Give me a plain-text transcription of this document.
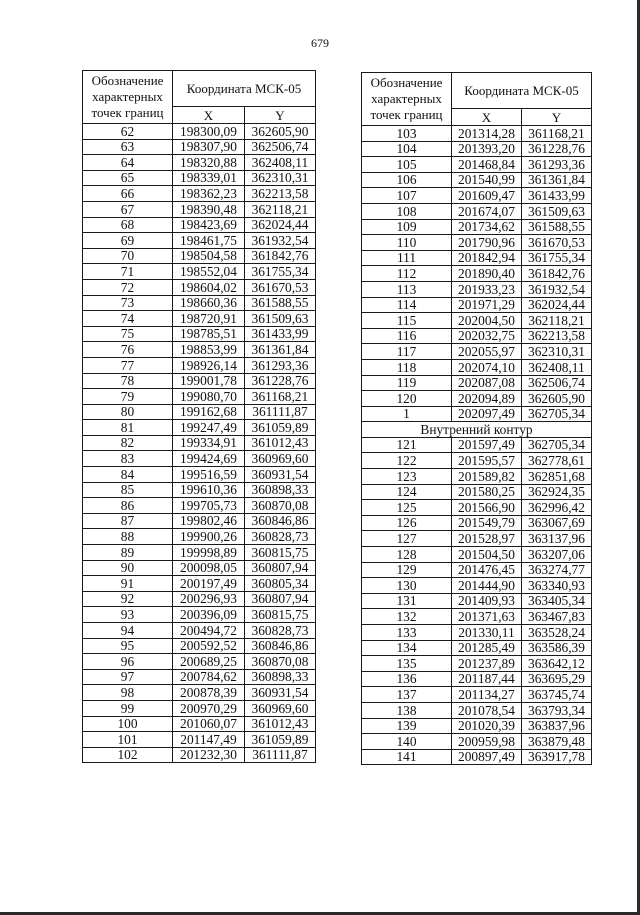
679
Обозначение характерных точек границ	Координата МСК-05	
	X	Y
62	198300,09	362605,90
63	198307,90	362506,74
64	198320,88	362408,11
65	198339,01	362310,31
66	198362,23	362213,58
67	198390,48	362118,21
68	198423,69	362024,44
69	198461,75	361932,54
70	198504,58	361842,76
71	198552,04	361755,34
72	198604,02	361670,53
73	198660,36	361588,55
74	198720,91	361509,63
75	198785,51	361433,99
76	198853,99	361361,84
77	198926,14	361293,36
78	199001,78	361228,76
79	199080,70	361168,21
80	199162,68	361111,87
81	199247,49	361059,89
82	199334,91	361012,43
83	199424,69	360969,60
84	199516,59	360931,54
85	199610,36	360898,33
86	199705,73	360870,08
87	199802,46	360846,86
88	199900,26	360828,73
89	199998,89	360815,75
90	200098,05	360807,94
91	200197,49	360805,34
92	200296,93	360807,94
93	200396,09	360815,75
94	200494,72	360828,73
95	200592,52	360846,86
96	200689,25	360870,08
97	200784,62	360898,33
98	200878,39	360931,54
99	200970,29	360969,60
100	201060,07	361012,43
101	201147,49	361059,89
102	201232,30	361111,87
Обозначение характерных точек границ	Координата МСК-05	
	X	Y
103	201314,28	361168,21
104	201393,20	361228,76
105	201468,84	361293,36
106	201540,99	361361,84
107	201609,47	361433,99
108	201674,07	361509,63
109	201734,62	361588,55
110	201790,96	361670,53
111	201842,94	361755,34
112	201890,40	361842,76
113	201933,23	361932,54
114	201971,29	362024,44
115	202004,50	362118,21
116	202032,75	362213,58
117	202055,97	362310,31
118	202074,10	362408,11
119	202087,08	362506,74
120	202094,89	362605,90
1	202097,49	362705,34
Внутренний контур		
121	201597,49	362705,34
122	201595,57	362778,61
123	201589,82	362851,68
124	201580,25	362924,35
125	201566,90	362996,42
126	201549,79	363067,69
127	201528,97	363137,96
128	201504,50	363207,06
129	201476,45	363274,77
130	201444,90	363340,93
131	201409,93	363405,34
132	201371,63	363467,83
133	201330,11	363528,24
134	201285,49	363586,39
135	201237,89	363642,12
136	201187,44	363695,29
137	201134,27	363745,74
138	201078,54	363793,34
139	201020,39	363837,96
140	200959,98	363879,48
141	200897,49	363917,78
